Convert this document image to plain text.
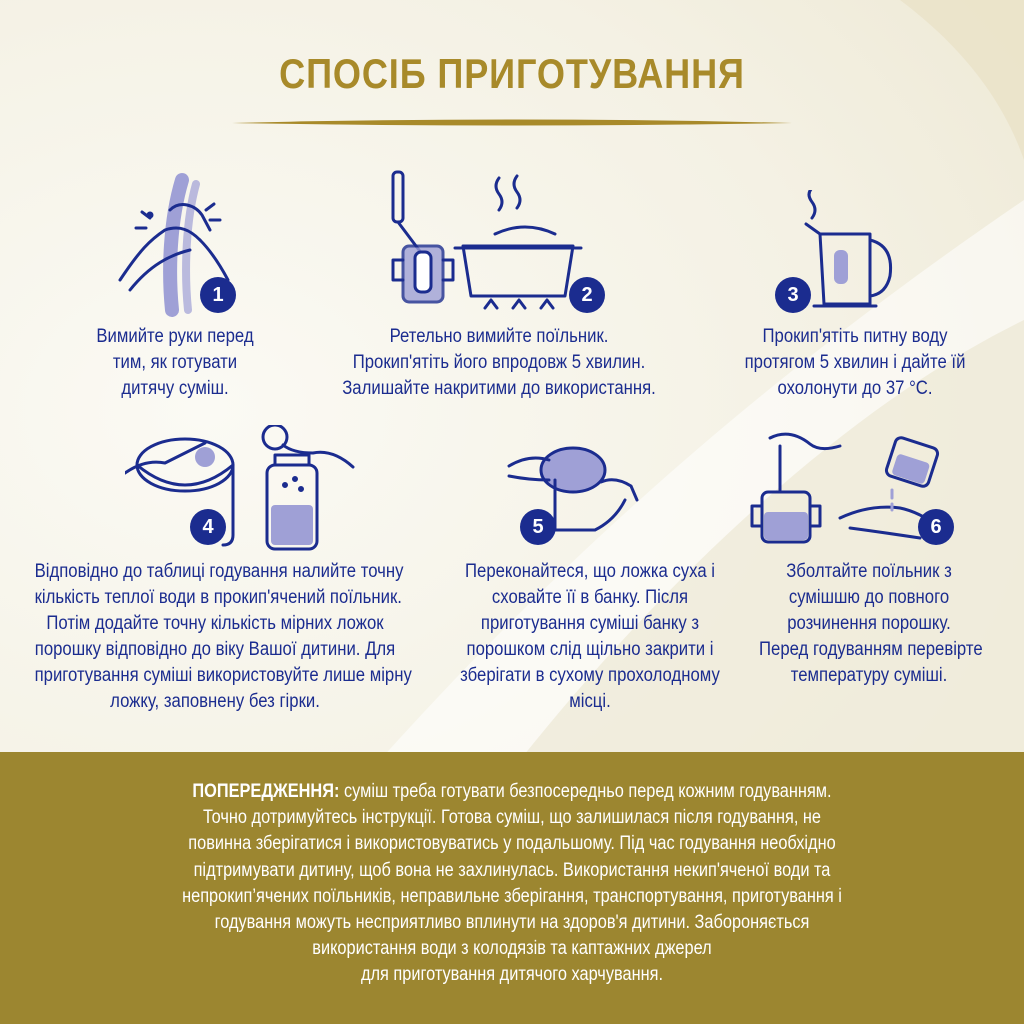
СПОСІБ ПРИГОТУВАННЯ
1	2	3
Вимийте руки перед
тим, як готувати
дитячу суміш.
Ретельно вимийте поїльник.
Прокип'ятіть його впродовж 5 хвилин.
Залишайте накритими до використання.
Прокип'ятіть питну воду
протягом 5 хвилин і дайте їй
охолонути до 37 °С.
4	5	6
Відповідно до таблиці годування налийте точну
кількість теплої води в прокип'ячений поїльник.
Потім додайте точну кількість мірних ложок
порошку відповідно до віку Вашої дитини. Для
приготування суміші використовуйте лише мірну
ложку, заповнену без гірки.
Переконайтеся, що ложка суха і
сховайте її в банку. Після
приготування суміші банку з
порошком слід щільно закрити і
зберігати в сухому прохолодному
місці.
Зболтайте поїльник з
сумішшю до повного
розчинення порошку.
Перед годуванням перевірте
температуру суміші.
ПОПЕРЕДЖЕННЯ: суміш треба готувати безпосередньо перед кожним годуванням.
Точно дотримуйтесь інструкції. Готова суміш, що залишилася після годування, не
повинна зберігатися і використовуватись у подальшому. Під час годування необхідно
підтримувати дитину, щоб вона не захлинулась. Використання некип'яченої води та
непрокип’ячених поїльників, неправильне зберігання, транспортування, приготування і
годування можуть несприятливо вплинути на здоров'я дитини. Забороняється
використання води з колодязів та каптажних джерел
для приготування дитячого харчування.
